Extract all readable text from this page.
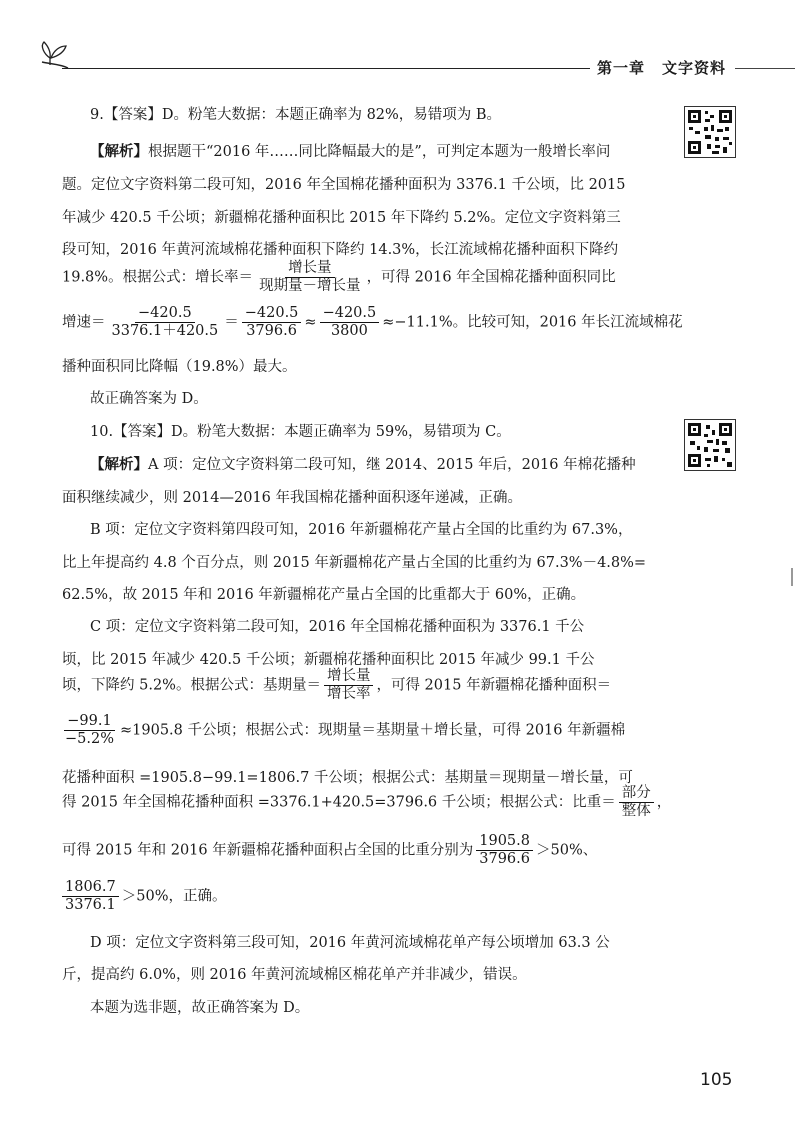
第一章 文字资料
9.【答案】D。粉笔大数据：本题正确率为 82%，易错项为 B。
【解析】根据题干“2016 年……同比降幅最大的是”，可判定本题为一般增长率问
题。定位文字资料第二段可知，2016 年全国棉花播种面积为 3376.1 千公顷，比 2015
年减少 420.5 千公顷；新疆棉花播种面积比 2015 年下降约 5.2%。定位文字资料第三
段可知，2016 年黄河流域棉花播种面积下降约 14.3%，长江流域棉花播种面积下降约
19.8%。根据公式：增长率＝ $\frac{\text{增长量}}{\text{现期量－增长量}}$ ，可得 2016 年全国棉花播种面积同比
增速＝ $\frac{-420.5}{3376.1+420.5} = \frac{-420.5}{3796.6} \approx \frac{-420.5}{3800} \approx-11.1\%$。比较可知，2016 年长江流域棉花
播种面积同比降幅（19.8%）最大。
故正确答案为 D。
10.【答案】D。粉笔大数据：本题正确率为 59%，易错项为 C。
【解析】A 项：定位文字资料第二段可知，继 2014、2015 年后，2016 年棉花播种
面积继续减少，则 2014—2016 年我国棉花播种面积逐年递减，正确。
B 项：定位文字资料第四段可知，2016 年新疆棉花产量占全国的比重约为 67.3%，
比上年提高约 4.8 个百分点，则 2015 年新疆棉花产量占全国的比重约为 67.3%－4.8%=
62.5%，故 2015 年和 2016 年新疆棉花产量占全国的比重都大于 60%，正确。
C 项：定位文字资料第二段可知，2016 年全国棉花播种面积为 3376.1 千公
顷，比 2015 年减少 420.5 千公顷；新疆棉花播种面积比 2015 年减少 99.1 千公
顷，下降约 5.2%。根据公式：基期量＝ $\frac{\text{增长量}}{\text{增长率}}$ ，可得 2015 年新疆棉花播种面积＝
$\frac{-99.1}{-5.2\%} \approx 1905.8$ 千公顷；根据公式：现期量＝基期量＋增长量，可得 2016 年新疆棉
花播种面积 =1905.8−99.1=1806.7 千公顷；根据公式：基期量＝现期量－增长量，可
得 2015 年全国棉花播种面积 =3376.1+420.5=3796.6 千公顷；根据公式：比重＝ $\frac{\text{部分}}{\text{整体}}$ ，
可得 2015 年和 2016 年新疆棉花播种面积占全国的比重分别为 $\frac{1905.8}{3796.6} >50\%$、
$\frac{1806.7}{3376.1} >50\%$，正确。
D 项：定位文字资料第三段可知，2016 年黄河流域棉花单产每公顷增加 63.3 公
斤，提高约 6.0%，则 2016 年黄河流域棉区棉花单产并非减少，错误。
本题为选非题，故正确答案为 D。
105
